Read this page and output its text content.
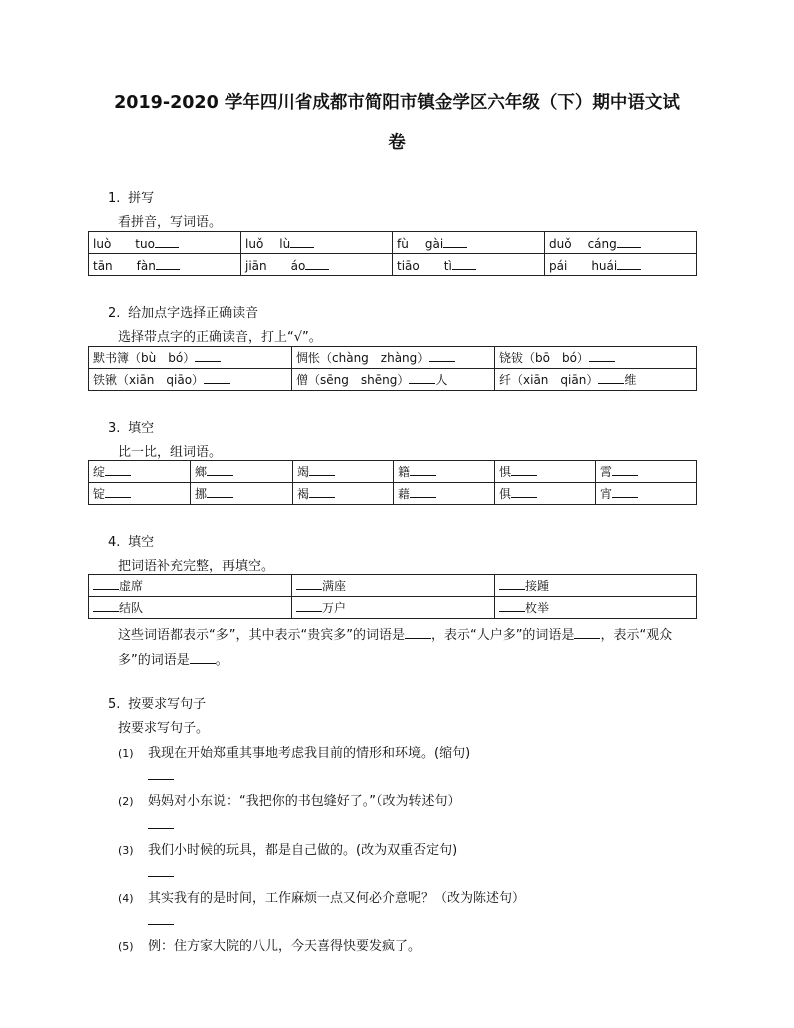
2019-2020 学年四川省成都市简阳市镇金学区六年级（下）期中语文试
卷
1. 拼写
看拼音，写词语。
luò tuo	luǒ lù	fù gài	duǒ cáng
tān fàn	jiān áo	tiāo tì	pái huái
2. 给加点字选择正确读音
选择带点字的正确读音，打上“√”。
默书簿（bù　bó）	惆怅（chàng　zhàng）	铙钹（bō　bó）
铁锹（xiān　qiāo）	僧（sēng　shēng） 人	纤（xiān　qiān） 维
3. 填空
比一比，组词语。
绽	鄉	竭	籍	惧	霄
锭	挪	褐	藉	俱	宵
4. 填空
把词语补充完整，再填空。
虚席	满座	接踵
结队	万户	枚举
这些词语都表示“多”，其中表示“贵宾多”的词语是 ，表示“人户多”的词语是 ，表示“观众
多”的词语是 。
5. 按要求写句子
按要求写句子。
(1) 我现在开始郑重其事地考虑我目前的情形和环境。(缩句)
(2) 妈妈对小东说：“我把你的书包缝好了。”（改为转述句）
(3) 我们小时候的玩具，都是自己做的。(改为双重否定句)
(4) 其实我有的是时间，工作麻烦一点又何必介意呢？（改为陈述句）
(5) 例：住方家大院的八儿，今天喜得快要发疯了。
